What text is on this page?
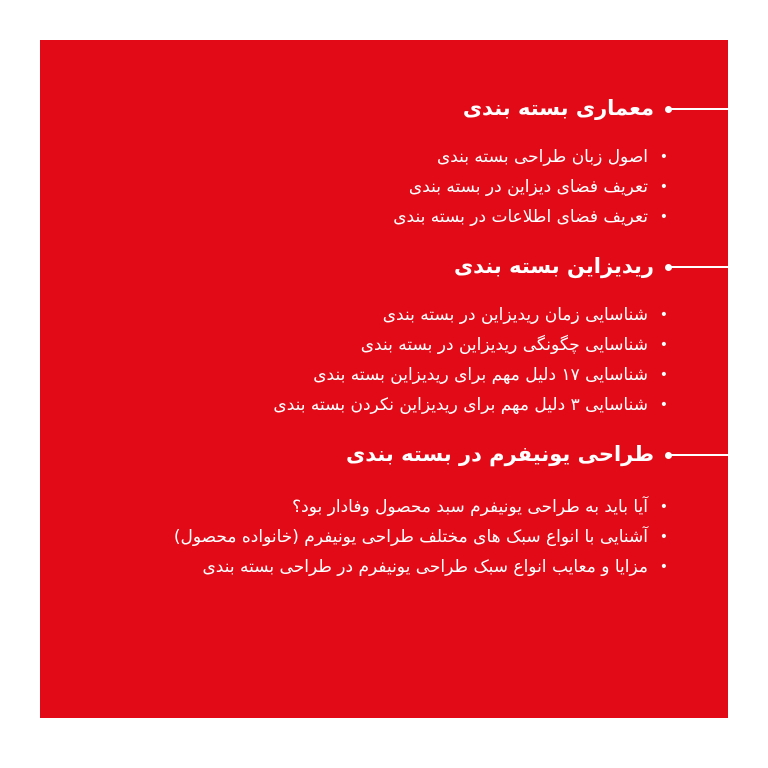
معماری بسته بندی
• اصول زبان طراحی بسته بندی
• تعریف فضای دیزاین در بسته بندی
• تعریف فضای اطلاعات در بسته بندی
ریدیزاین بسته بندی
• شناسایی زمان ریدیزاین در بسته بندی
• شناسایی چگونگی ریدیزاین در بسته بندی
• شناسایی ۱۷ دلیل مهم برای ریدیزاین بسته بندی
• شناسایی ۳ دلیل مهم برای ریدیزاین نکردن بسته بندی
طراحی یونیفرم در بسته بندی
• آیا باید به طراحی یونیفرم سبد محصول وفادار بود؟
• آشنایی با انواع سبک های مختلف طراحی یونیفرم (خانواده محصول)
• مزایا و معایب انواع سبک طراحی یونیفرم در طراحی بسته بندی
